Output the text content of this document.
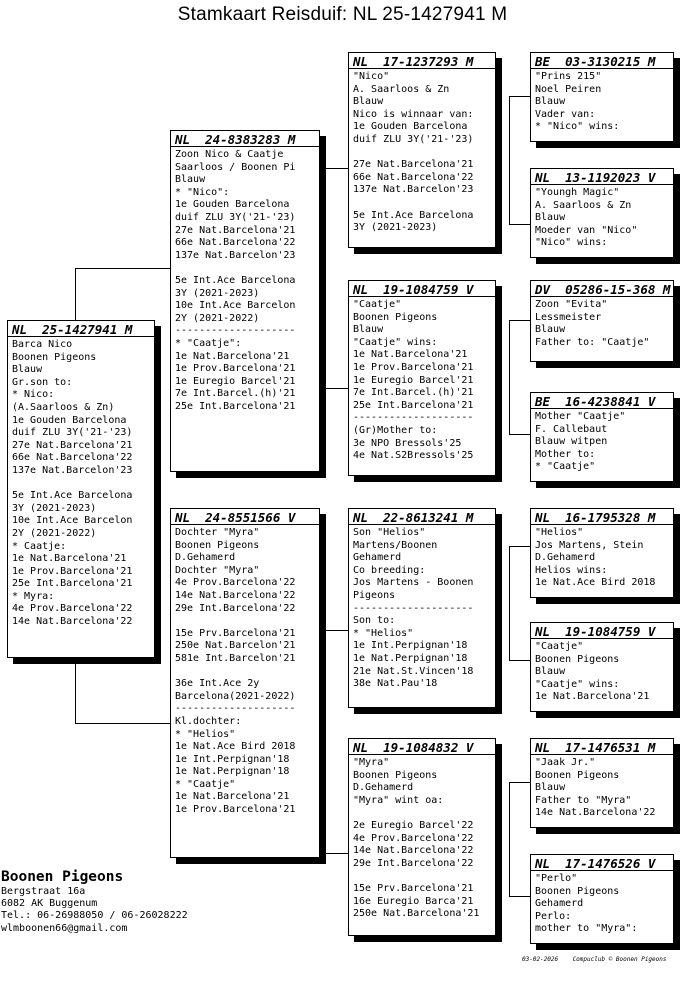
Stamkaart Reisduif: NL 25-1427941 M
NL  25-1427941 M
Barca Nico
Boonen Pigeons
Blauw
Gr.son to:
* Nico:
(A.Saarloos & Zn)
1e Gouden Barcelona
duif ZLU 3Y('21-'23)
27e Nat.Barcelona'21
66e Nat.Barcelona'22
137e Nat.Barcelon'23
5e Int.Ace Barcelona
3Y (2021-2023)
10e Int.Ace Barcelon
2Y (2021-2022)
* Caatje:
1e Nat.Barcelona'21
1e Prov.Barcelona'21
25e Int.Barcelona'21
* Myra:
4e Prov.Barcelona'22
14e Nat.Barcelona'22
NL  24-8383283 M
Zoon Nico & Caatje
Saarloos / Boonen Pi
Blauw
* "Nico":
1e Gouden Barcelona
duif ZLU 3Y('21-'23)
27e Nat.Barcelona'21
66e Nat.Barcelona'22
137e Nat.Barcelon'23
5e Int.Ace Barcelona
3Y (2021-2023)
10e Int.Ace Barcelon
2Y (2021-2022)
--------------------
* "Caatje":
1e Nat.Barcelona'21
1e Prov.Barcelona'21
1e Euregio Barcel'21
7e Int.Barcel.(h)'21
25e Int.Barcelona'21
NL  24-8551566 V
Dochter "Myra"
Boonen Pigeons
D.Gehamerd
Dochter "Myra"
4e Prov.Barcelona'22
14e Nat.Barcelona'22
29e Int.Barcelona'22
15e Prv.Barcelona'21
250e Nat.Barcelon'21
581e Int.Barcelon'21
36e Int.Ace 2y
Barcelona(2021-2022)
--------------------
Kl.dochter:
* "Helios"
1e Nat.Ace Bird 2018
1e Int.Perpignan'18
1e Nat.Perpignan'18
* "Caatje"
1e Nat.Barcelona'21
1e Prov.Barcelona'21
NL  17-1237293 M
"Nico"
A. Saarloos & Zn
Blauw
Nico is winnaar van:
1e Gouden Barcelona
duif ZLU 3Y('21-'23)
27e Nat.Barcelona'21
66e Nat.Barcelona'22
137e Nat.Barcelon'23
5e Int.Ace Barcelona
3Y (2021-2023)
NL  19-1084759 V
"Caatje"
Boonen Pigeons
Blauw
"Caatje" wins:
1e Nat.Barcelona'21
1e Prov.Barcelona'21
1e Euregio Barcel'21
7e Int.Barcel.(h)'21
25e Int.Barcelona'21
--------------------
(Gr)Mother to:
3e NPO Bressols'25
4e Nat.S2Bressols'25
NL  22-8613241 M
Son "Helios"
Martens/Boonen
Gehamerd
Co breeding:
Jos Martens - Boonen
Pigeons
--------------------
Son to:
* "Helios"
1e Int.Perpignan'18
1e Nat.Perpignan'18
21e Nat.St.Vincen'18
38e Nat.Pau'18
NL  19-1084832 V
"Myra"
Boonen Pigeons
D.Gehamerd
"Myra" wint oa:
2e Euregio Barcel'22
4e Prov.Barcelona'22
14e Nat.Barcelona'22
29e Int.Barcelona'22
15e Prv.Barcelona'21
16e Euregio Barca'21
250e Nat.Barcelona'21
BE  03-3130215 M
"Prins 215"
Noel Peiren
Blauw
Vader van:
* "Nico" wins:
NL  13-1192023 V
"Youngh Magic"
A. Saarloos & Zn
Blauw
Moeder van "Nico"
"Nico" wins:
DV  05286-15-368 M
Zoon "Evita"
Lessmeister
Blauw
Father to: "Caatje"
BE  16-4238841 V
Mother "Caatje"
F. Callebaut
Blauw witpen
Mother to:
* "Caatje"
NL  16-1795328 M
"Helios"
Jos Martens, Stein
D.Gehamerd
Helios wins:
1e Nat.Ace Bird 2018
NL  19-1084759 V
"Caatje"
Boonen Pigeons
Blauw
"Caatje" wins:
1e Nat.Barcelona'21
NL  17-1476531 M
"Jaak Jr."
Boonen Pigeons
Blauw
Father to "Myra"
14e Nat.Barcelona'22
NL  17-1476526 V
"Perlo"
Boonen Pigeons
Gehamerd
Perlo:
mother to "Myra":
Boonen Pigeons
Bergstraat 16a
6082 AK Buggenum
Tel.: 06-26988050 / 06-26028222
wlmboonen66@gmail.com
03-02-2026    Compuclub © Boonen Pigeons
